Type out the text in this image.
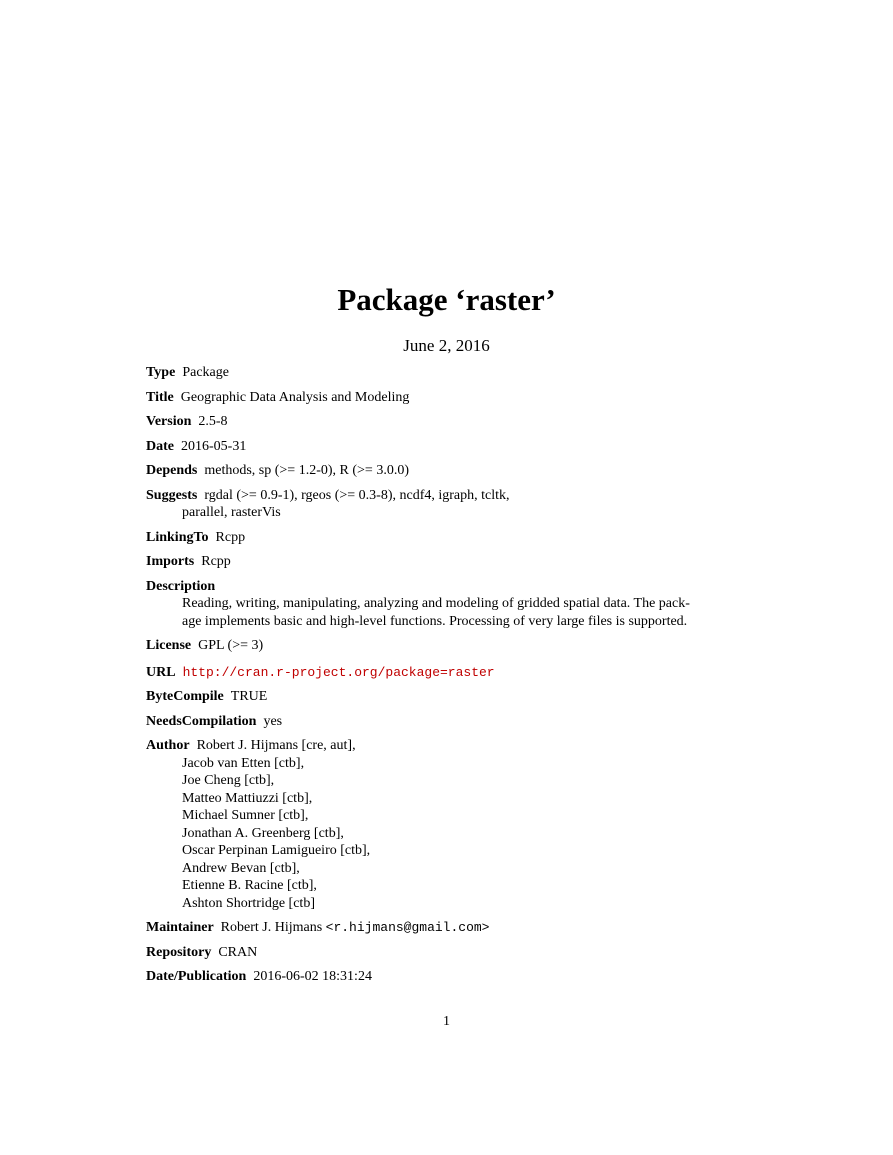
Package ‘raster’
June 2, 2016
Type Package
Title Geographic Data Analysis and Modeling
Version 2.5-8
Date 2016-05-31
Depends methods, sp (>= 1.2-0), R (>= 3.0.0)
Suggests rgdal (>= 0.9-1), rgeos (>= 0.3-8), ncdf4, igraph, tcltk,
parallel, rasterVis
LinkingTo Rcpp
Imports Rcpp
Description
Reading, writing, manipulating, analyzing and modeling of gridded spatial data. The pack-
age implements basic and high-level functions. Processing of very large files is supported.
License GPL (>= 3)
URL http://cran.r-project.org/package=raster
ByteCompile TRUE
NeedsCompilation yes
Author Robert J. Hijmans [cre, aut],
Jacob van Etten [ctb],
Joe Cheng [ctb],
Matteo Mattiuzzi [ctb],
Michael Sumner [ctb],
Jonathan A. Greenberg [ctb],
Oscar Perpinan Lamigueiro [ctb],
Andrew Bevan [ctb],
Etienne B. Racine [ctb],
Ashton Shortridge [ctb]
Maintainer Robert J. Hijmans <r.hijmans@gmail.com>
Repository CRAN
Date/Publication 2016-06-02 18:31:24
1
